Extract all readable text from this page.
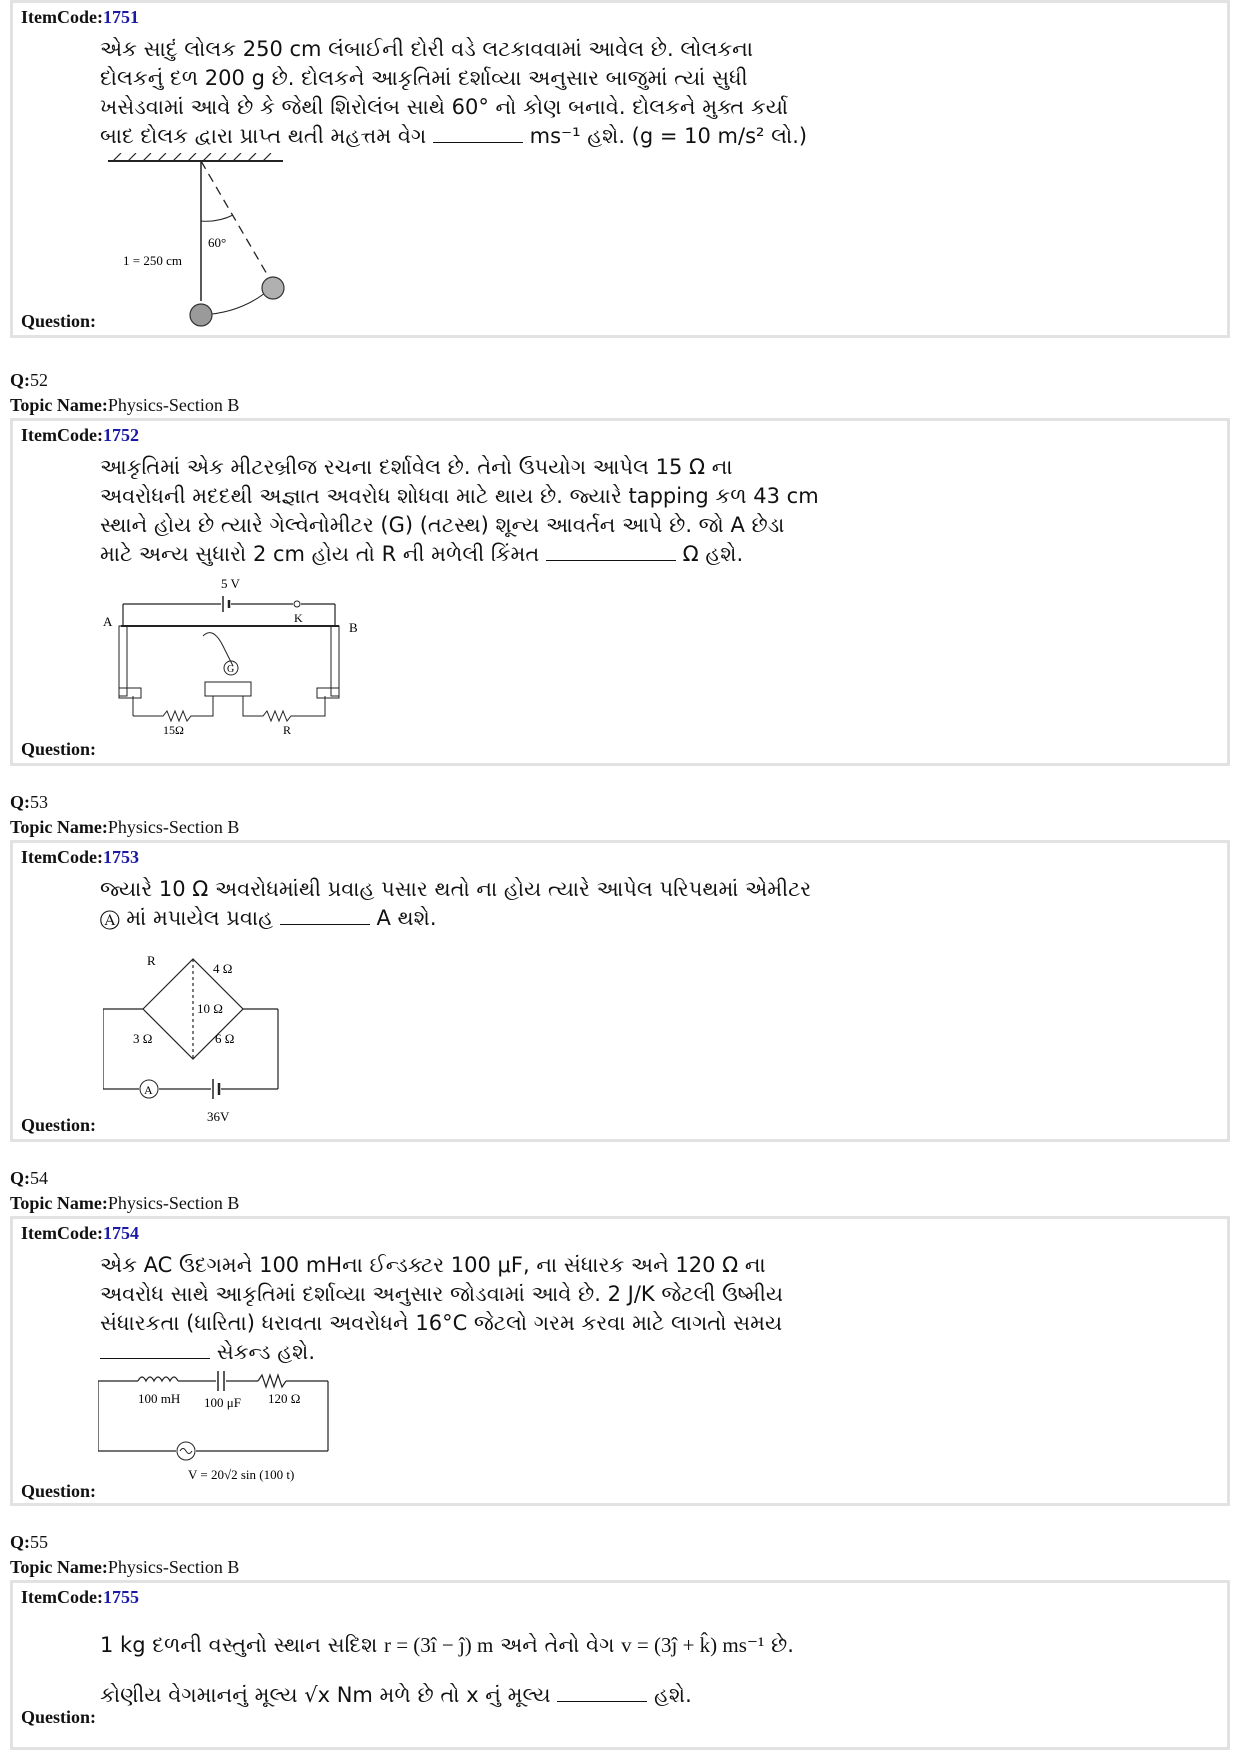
ItemCode:1751
એક સાદું લોલક 250 cm લંબાઈની દોરી વડે લટકાવવામાં આવેલ છે. લોલકના દોલકનું દળ 200 g છે. દોલકને આકૃતિમાં દર્શાવ્યા અનુસાર બાજુમાં ત્યાં સુધી ખસેડવામાં આવે છે કે જેથી શિરોલંબ સાથે 60° નો કોણ બનાવે. દોલકને મુક્ત કર્યા બાદ દોલક દ્વારા પ્રાપ્ત થતી મહત્તમ વેગ	ms⁻¹ હશે. (g = 10 m/s² લો.)
60°
1 = 250 cm
Question:
Q:52
Topic Name:Physics-Section B
ItemCode:1752
આકૃતિમાં એક મીટરબ્રીજ રચના દર્શાવેલ છે. તેનો ઉપયોગ આપેલ 15 Ω ના અવરોધની મદદથી અજ્ઞાત અવરોધ શોધવા માટે થાય છે. જ્યારે tapping કળ 43 cm સ્થાને હોય છે ત્યારે ગેલ્વેનોમીટર (G) (તટસ્થ) શૂન્ય આવર્તન આપે છે. જો A છેડા માટે અન્ય સુધારો 2 cm હોય તો R ની મળેલી કિંમત	Ω હશે.
5 V
K
A	B
G
15Ω	R
Question:
Q:53
Topic Name:Physics-Section B
ItemCode:1753
જ્યારે 10 Ω અવરોધમાંથી પ્રવાહ પસાર થતો ના હોય ત્યારે આપેલ પરિપથમાં એમીટર Ⓐ માં મપાયેલ પ્રવાહ	A થશે.
R
4 Ω
10 Ω
3 Ω	6 Ω
A
36V
Question:
Q:54
Topic Name:Physics-Section B
ItemCode:1754
એક AC ઉદગમને 100 mHના ઈન્ડક્ટર 100 μF, ના સંધારક અને 120 Ω ના અવરોધ સાથે આકૃતિમાં દર્શાવ્યા અનુસાર જોડવામાં આવે છે. 2 J/K જેટલી ઉષ્મીય સંધારકતા (ધારિતા) ધરાવતા અવરોધને 16°C જેટલો ગરમ કરવા માટે લાગતો સમય  સેકન્ડ હશે.
100 mH 100 μF 120 Ω
V = 20√2 sin (100 t)
Question:
Q:55
Topic Name:Physics-Section B
ItemCode:1755
1 kg દળની વસ્તુનો સ્થાન સદિશ r = (3î − ĵ) m અને તેનો વેગ v = (3ĵ + k̂) ms⁻¹ છે.
Question:
કોણીય વેગમાનનું મૂલ્ય √x Nm મળે છે તો x નું મૂલ્ય	હશે.
